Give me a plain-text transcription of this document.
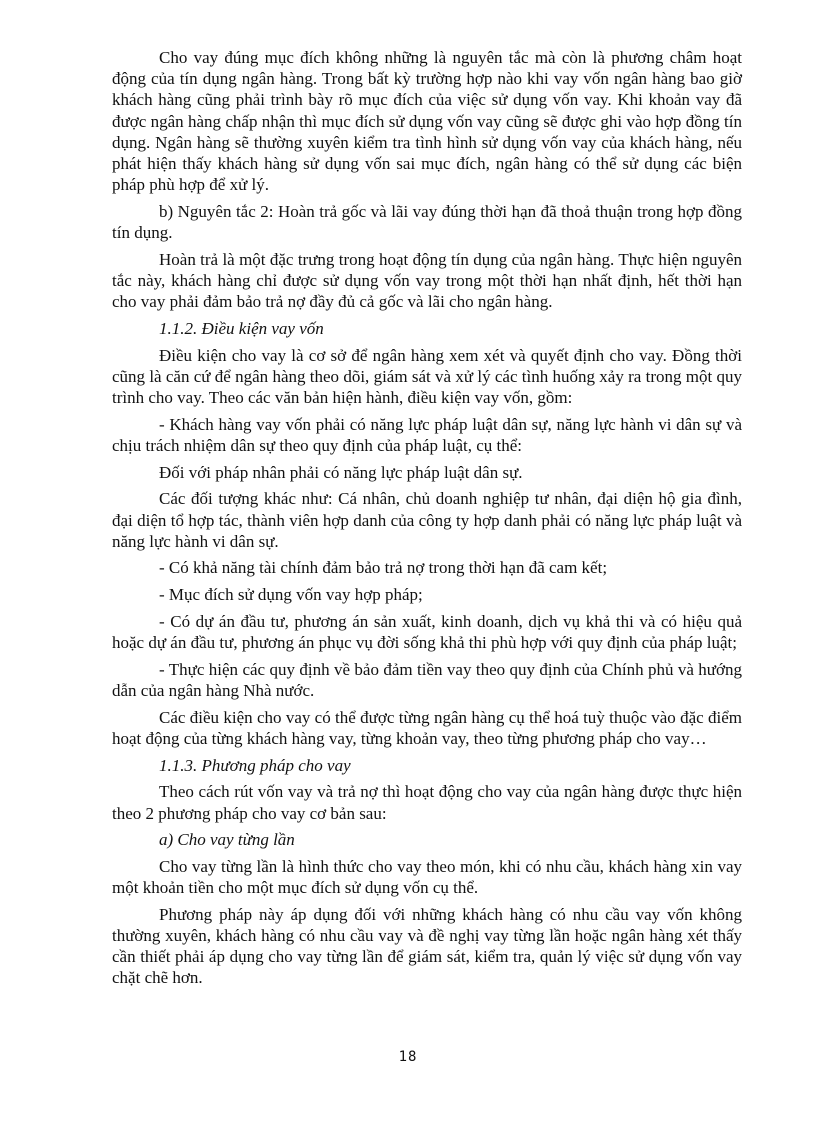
Cho vay đúng mục đích không những là nguyên tắc mà còn là phương châm hoạt động của tín dụng ngân hàng. Trong bất kỳ trường hợp nào khi vay vốn ngân hàng bao giờ khách hàng cũng phải trình bày rõ mục đích của việc sử dụng vốn vay. Khi khoản vay đã được ngân hàng chấp nhận thì mục đích sử dụng vốn vay cũng sẽ được ghi vào hợp đồng tín dụng. Ngân hàng sẽ thường xuyên kiểm tra tình hình sử dụng vốn vay của khách hàng, nếu phát hiện thấy khách hàng sử dụng vốn sai mục đích, ngân hàng có thể sử dụng các biện pháp phù hợp để xử lý.

b) Nguyên tắc 2: Hoàn trả gốc và lãi vay đúng thời hạn đã thoả thuận trong hợp đồng tín dụng.

Hoàn trả là một đặc trưng trong hoạt động tín dụng của ngân hàng. Thực hiện nguyên tắc này, khách hàng chỉ được sử dụng vốn vay trong một thời hạn nhất định, hết thời hạn cho vay phải đảm bảo trả nợ đầy đủ cả gốc và lãi cho ngân hàng.

1.1.2. Điều kiện vay vốn

Điều kiện cho vay là cơ sở để ngân hàng xem xét và quyết định cho vay. Đồng thời cũng là căn cứ để ngân hàng theo dõi, giám sát và xử lý các tình huống xảy ra trong một quy trình cho vay. Theo các văn bản hiện hành, điều kiện vay vốn, gồm:

- Khách hàng vay vốn phải có năng lực pháp luật dân sự, năng lực hành vi dân sự và chịu trách nhiệm dân sự theo quy định của pháp luật, cụ thể:

Đối với pháp nhân phải có năng lực pháp luật dân sự.

Các đối tượng khác như: Cá nhân, chủ doanh nghiệp tư nhân, đại diện hộ gia đình, đại diện tổ hợp tác, thành viên hợp danh của công ty hợp danh phải có năng lực pháp luật và năng lực hành vi dân sự.

- Có khả năng tài chính đảm bảo trả nợ trong thời hạn đã cam kết;

- Mục đích sử dụng vốn vay hợp pháp;

- Có dự án đầu tư, phương án sản xuất, kinh doanh, dịch vụ khả thi và có hiệu quả hoặc dự án đầu tư, phương án phục vụ đời sống khả thi phù hợp với quy định của pháp luật;

- Thực hiện các quy định về bảo đảm tiền vay theo quy định của Chính phủ và hướng dẫn của ngân hàng Nhà nước.

Các điều kiện cho vay có thể được từng ngân hàng cụ thể hoá tuỳ thuộc vào đặc điểm hoạt động của từng khách hàng vay, từng khoản vay, theo từng phương pháp cho vay…

1.1.3. Phương pháp cho vay

Theo cách rút vốn vay và trả nợ thì hoạt động cho vay của ngân hàng được thực hiện theo 2 phương pháp cho vay cơ bản sau:

a) Cho vay từng lần

Cho vay từng lần là hình thức cho vay theo món, khi có nhu cầu, khách hàng xin vay một khoản tiền cho một mục đích sử dụng vốn cụ thể.

Phương pháp này áp dụng đối với những khách hàng có nhu cầu vay vốn không thường xuyên, khách hàng có nhu cầu vay và đề nghị vay từng lần hoặc ngân hàng xét thấy cần thiết phải áp dụng cho vay từng lần để giám sát, kiểm tra, quản lý việc sử dụng vốn vay chặt chẽ hơn.

18
